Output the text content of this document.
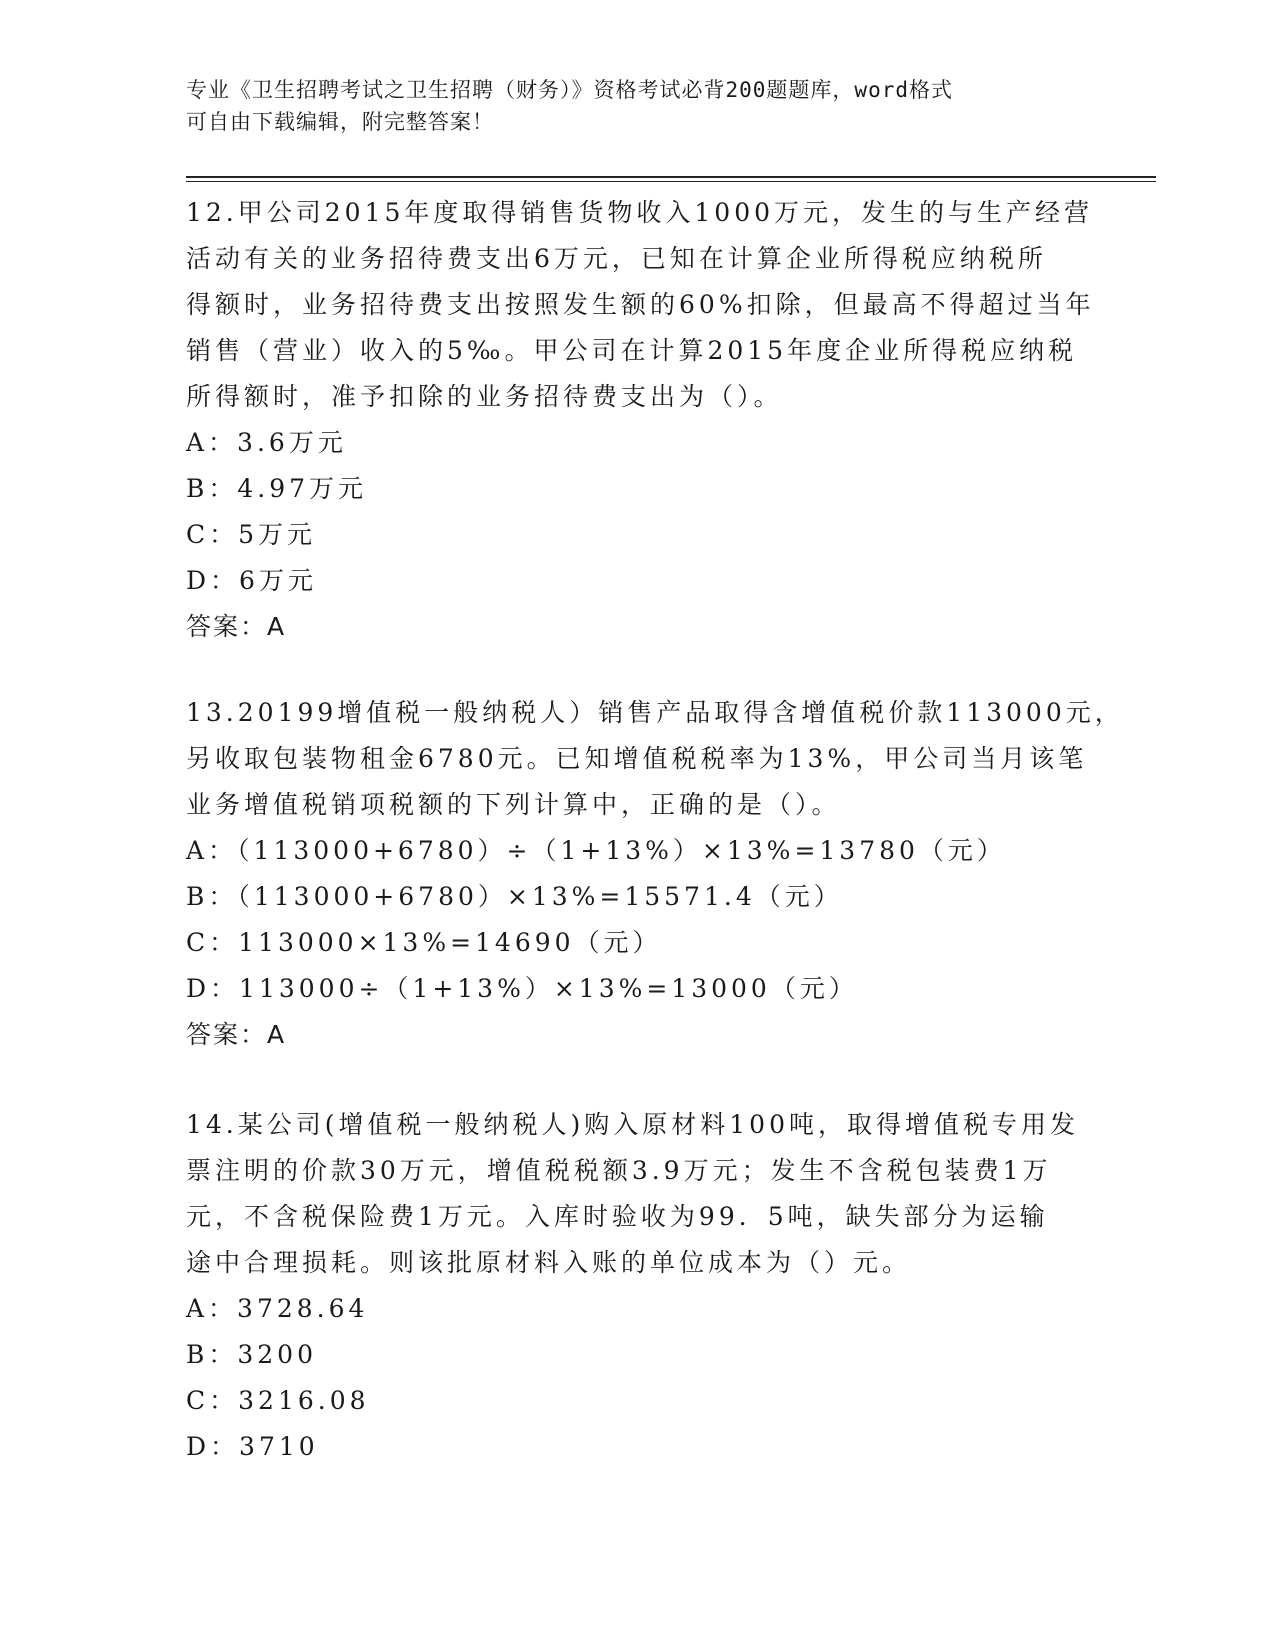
专业《卫生招聘考试之卫生招聘（财务）》资格考试必背200题题库，word格式
可自由下载编辑，附完整答案！
12.甲公司2015年度取得销售货物收入1000万元，发生的与生产经营
活动有关的业务招待费支出6万元，已知在计算企业所得税应纳税所
得额时，业务招待费支出按照发生额的60%扣除，但最高不得超过当年
销售（营业）收入的5‰。甲公司在计算2015年度企业所得税应纳税
所得额时，准予扣除的业务招待费支出为（）。
A：3.6万元
B：4.97万元
C：5万元
D：6万元
答案：A
13.20199增值税一般纳税人）销售产品取得含增值税价款113000元，
另收取包装物租金6780元。已知增值税税率为13%，甲公司当月该笔
业务增值税销项税额的下列计算中，正确的是（）。
A：（113000+6780）÷（1+13%）×13%=13780（元）
B：（113000+6780）×13%=15571.4（元）
C：113000×13%=14690（元）
D：113000÷（1+13%）×13%=13000（元）
答案：A
14.某公司(增值税一般纳税人)购入原材料100吨，取得增值税专用发
票注明的价款30万元，增值税税额3.9万元；发生不含税包装费1万
元，不含税保险费1万元。入库时验收为99．5吨，缺失部分为运输
途中合理损耗。则该批原材料入账的单位成本为（）元。
A：3728.64
B：3200
C：3216.08
D：3710
